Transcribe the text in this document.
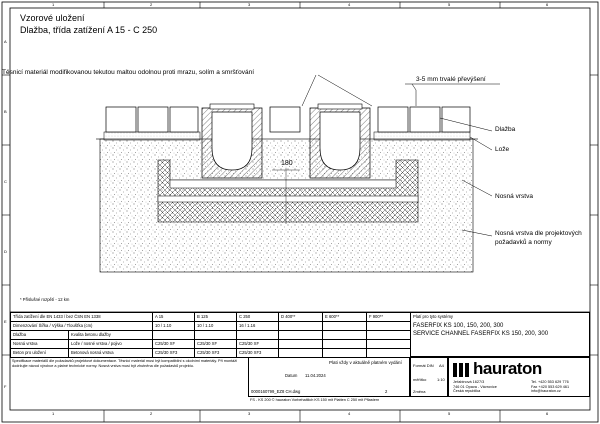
Vzorové uložení
Dlažba, třída zatížení A 15 - C 250
Těsnicí materiál modifikovanou tekutou maltou odolnou proti mrazu, solím a smršťování
3-5 mm trvalé převýšení
Dlažba
Lože
Nosná vrstva
Nosná vrstva dle projektových požadavků a normy
180
* Příslušné rozpětí - 12 km
Třída zatížení dle EN 1433 / bez ČSN EN 1338		A 15	B 125	C 250	D 400**	E 600**	F 900**
Dimenzování Šířka / Výška / Tloušťka (cm)		10 / 1.10	10 / 1.10	16 / 1.16			
Dlažba	Kvalita betonu dlažby						
Nosná vrstva	Lože / nosné vrstva / pojivo	C25/30 XF	C25/30 XF	C25/30 XF			
Beton pro uložení	Betonová nosná vrstva	C25/30 XF3	C25/30 XF3	C25/30 XF3			
Platí pro tyto systémy
FASERFIX KS 100, 150, 200, 300
SERVICE CHANNEL FASERFIX KS 150, 200, 300
Specifikace materiálů dle požadavků projektové dokumentace. Těsnicí materiál musí být kompatibilní s okolními materiály. Při montáži dodržujte návod výrobce a platné technické normy. Nosná vrstva musí být zhutněna dle požadavků projektu.
Datum 11.04.2024
Plati vždy v aktuálně platném vydání
0000160799_EZ8 CH.dwg	2
Formát DIN A4
měřítko	1:10
Změna
hauraton
Jeřabinová 1627/3
746 01 Opava - Vávrovice
Česká republika
Tel. +420 553 629 776
Fax +420 553 629 461
info@hauraton.cz
FS - KS 200 © hauraton Vorbehaltlich KS 150 mit Platten C 250 mit Pflastern
1	2	3	4	5	6
1	2	3	4	5	6
A
B
C
D
E
F
